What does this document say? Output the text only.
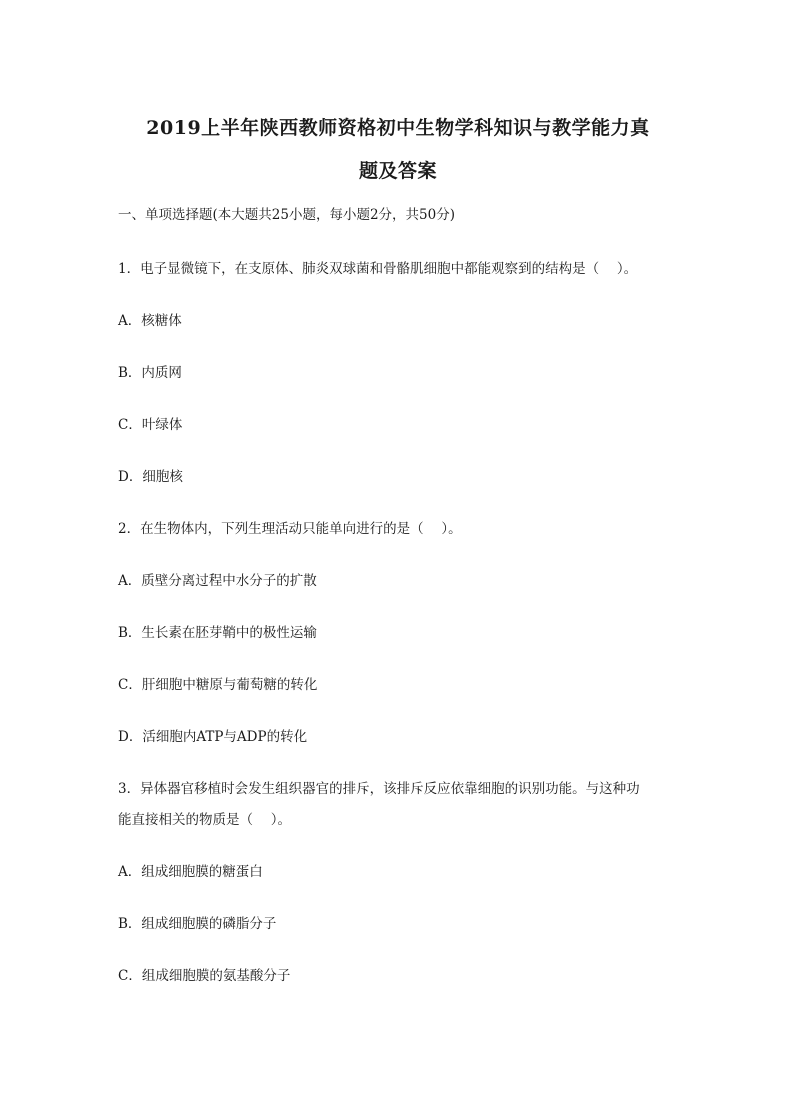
2019上半年陕西教师资格初中生物学科知识与教学能力真
题及答案
一、单项选择题(本大题共25小题，每小题2分，共50分)
1．电子显微镜下，在支原体、肺炎双球菌和骨骼肌细胞中都能观察到的结构是（　 ）。
A．核糖体
B．内质网
C．叶绿体
D．细胞核
2．在生物体内，下列生理活动只能单向进行的是（　 ）。
A．质壁分离过程中水分子的扩散
B．生长素在胚芽鞘中的极性运输
C．肝细胞中糖原与葡萄糖的转化
D．活细胞内ATP与ADP的转化
3．异体器官移植时会发生组织器官的排斥，该排斥反应依靠细胞的识别功能。与这种功
能直接相关的物质是（　 ）。
A．组成细胞膜的糖蛋白
B．组成细胞膜的磷脂分子
C．组成细胞膜的氨基酸分子
